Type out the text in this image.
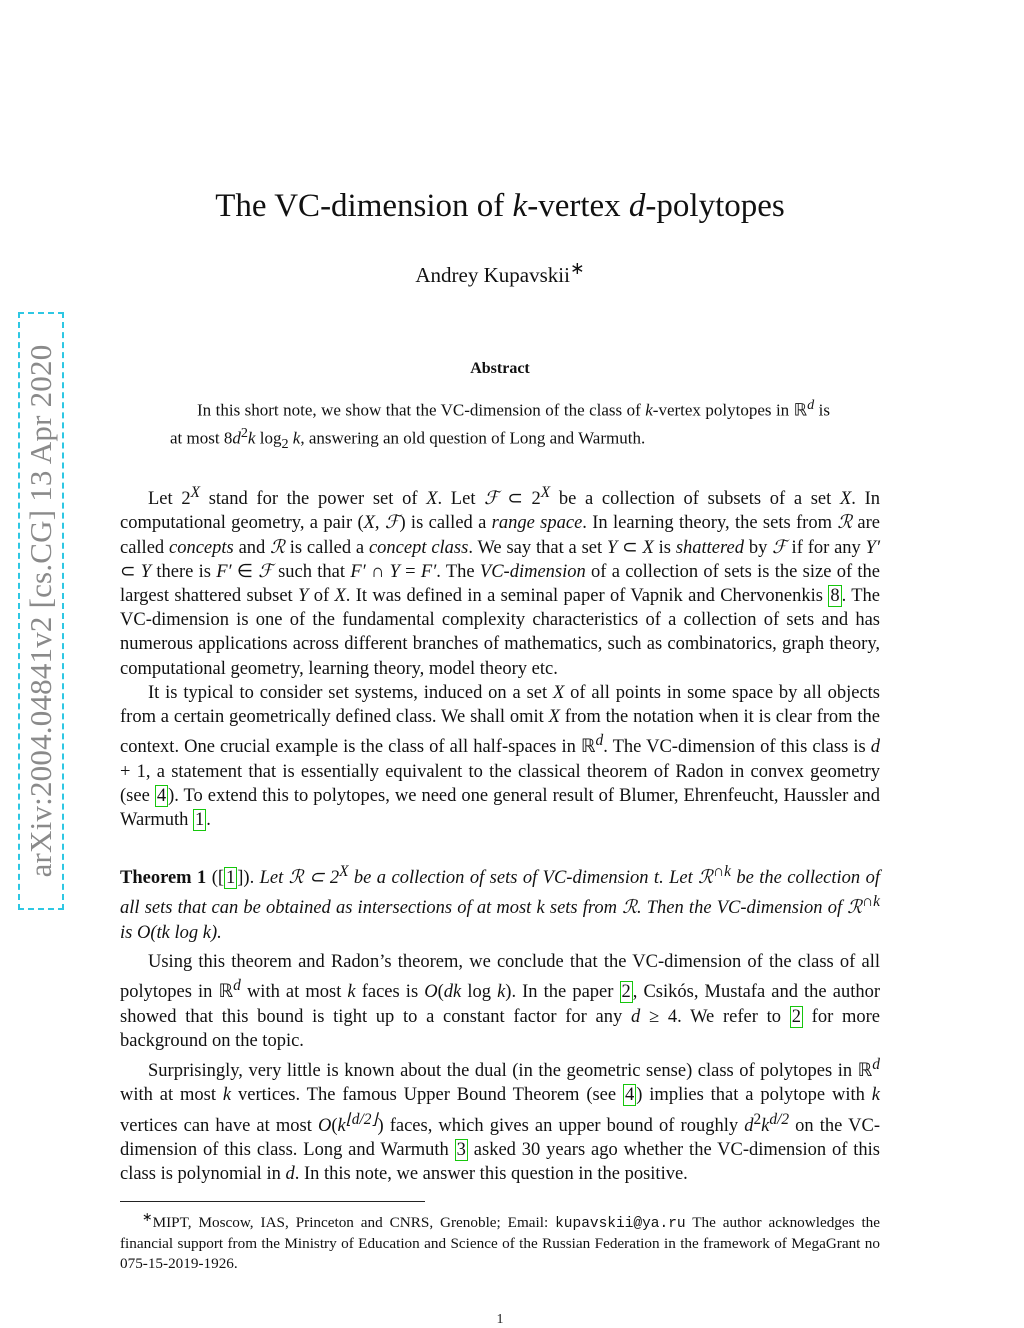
arXiv:2004.04841v2 [cs.CG] 13 Apr 2020
The VC-dimension of k-vertex d-polytopes
Andrey Kupavskii∗
Abstract
In this short note, we show that the VC-dimension of the class of k-vertex polytopes in ℝ$^d$ is at most $8d^2k$ $\log_2 k$, answering an old question of Long and Warmuth.

Let $2^X$ stand for the power set of X. Let ℱ ⊂ $2^X$ be a collection of subsets of a set X. In computational geometry, a pair (X, ℱ) is called a range space. In learning theory, the sets from ℛ are called concepts and ℛ is called a concept class. We say that a set Y ⊂ X is shattered by ℱ if for any Y′ ⊂ Y there is F′ ∈ ℱ such that F′ ∩ Y = F′. The VC-dimension of a collection of sets is the size of the largest shattered subset Y of X. It was defined in a seminal paper of Vapnik and Chervonenkis 8 . The VC-dimension is one of the fundamental complexity characteristics of a collection of sets and has numerous applications across different branches of mathematics, such as combinatorics, graph theory, computational geometry, learning theory, model theory etc.

It is typical to consider set systems, induced on a set X of all points in some space by all objects from a certain geometrically defined class. We shall omit X from the notation when it is clear from the context. One crucial example is the class of all half-spaces in ℝ$^d$. The VC-dimension of this class is d + 1, a statement that is essentially equivalent to the classical theorem of Radon in convex geometry (see 4 ). To extend this to polytopes, we need one general result of Blumer, Ehrenfeucht, Haussler and Warmuth 1 .

Theorem 1 ([ 1 ]). Let ℛ ⊂ $2^X$ be a collection of sets of VC-dimension t. Let ℛ$^{\cap k}$ be the collection of all sets that can be obtained as intersections of at most k sets from ℛ. Then the VC-dimension of ℛ$^{\cap k}$ is O(tk log k).

Using this theorem and Radon’s theorem, we conclude that the VC-dimension of the class of all polytopes in ℝ$^d$ with at most k faces is O(dk log k). In the paper 2 , Csikós, Mustafa and the author showed that this bound is tight up to a constant factor for any d ≥ 4. We refer to 2 for more background on the topic.

Surprisingly, very little is known about the dual (in the geometric sense) class of polytopes in ℝ$^d$ with at most k vertices. The famous Upper Bound Theorem (see 4 ) implies that a polytope with k vertices can have at most $O(k^{⌊d/2⌋})$ faces, which gives an upper bound of roughly $d^2k^{d/2}$ on the VC-dimension of this class. Long and Warmuth 3 asked 30 years ago whether the VC-dimension of this class is polynomial in d. In this note, we answer this question in the positive.

∗MIPT, Moscow, IAS, Princeton and CNRS, Grenoble; Email: kupavskii@ya.ru The author acknowledges the financial support from the Ministry of Education and Science of the Russian Federation in the framework of MegaGrant no 075-15-2019-1926.
1
